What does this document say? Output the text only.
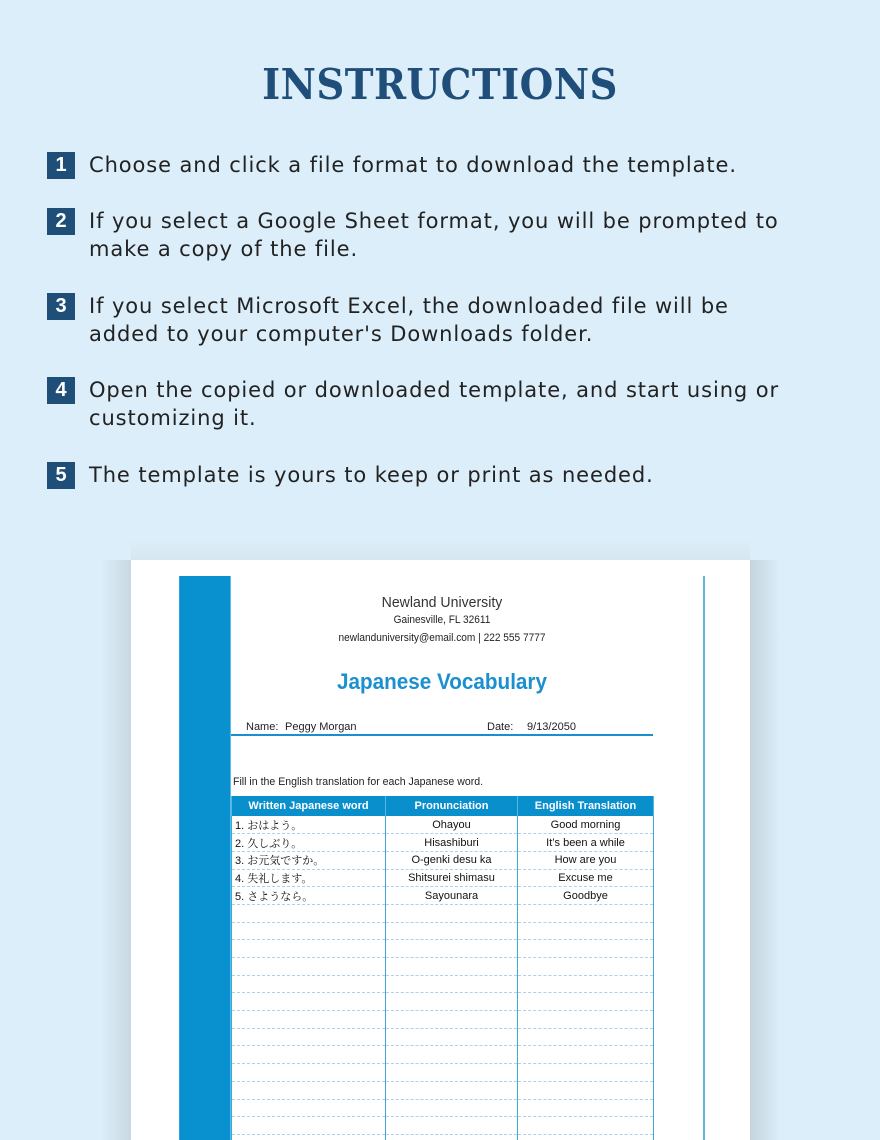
INSTRUCTIONS
1	Choose and click a file format to download the template.
2	If you select a Google Sheet format, you will be prompted to
make a copy of the file.
3	If you select Microsoft Excel, the downloaded file will be
added to your computer's Downloads folder.
4	Open the copied or downloaded template, and start using or
customizing it.
5	The template is yours to keep or print as needed.
Newland University
Gainesville, FL 32611
newlanduniversity@email.com | 222 555 7777
Japanese Vocabulary
Name: Peggy Morgan	Date: 9/13/2050
Fill in the English translation for each Japanese word.
Written Japanese word	Pronunciation	English Translation
1. おはよう。	Ohayou	Good morning
2. 久しぶり。	Hisashiburi	It’s been a while
3. お元気ですか。	O-genki desu ka	How are you
4. 失礼します。	Shitsurei shimasu	Excuse me
5. さようなら。	Sayounara	Goodbye
